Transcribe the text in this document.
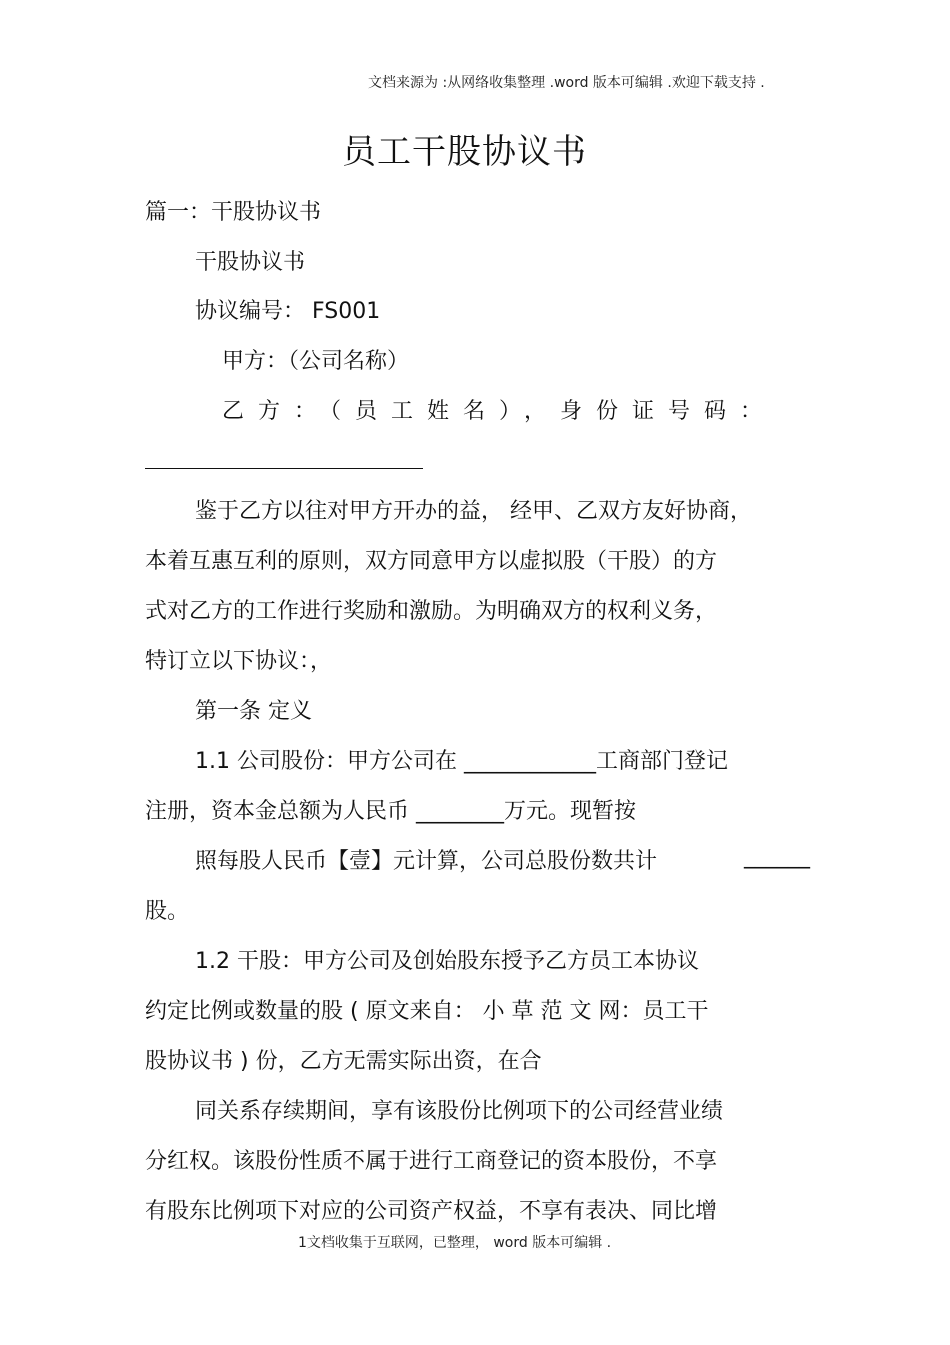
文档来源为 :从网络收集整理 .word 版本可编辑 .欢迎下载支持 .
员工干股协议书
篇一：干股协议书
干股协议书
协议编号： FS001
甲方：（公司名称）
乙方：（员工姓名），身份证号码：
鉴于乙方以往对甲方开办的益， 经甲、乙双方友好协商，
本着互惠互利的原则，双方同意甲方以虚拟股（干股）的方
式对乙方的工作进行奖励和激励。为明确双方的权利义务，
特订立以下协议：，
第一条 定义
1.1 公司股份：甲方公司在 ____________工商部门登记
注册，资本金总额为人民币 ________万元。现暂按
照每股人民币【壹】元计算，公司总股份数共计	______
股。
1.2 干股：甲方公司及创始股东授予乙方员工本协议
约定比例或数量的股 ( 原文来自： 小 草 范 文 网：员工干
股协议书 ) 份，乙方无需实际出资，在合
同关系存续期间，享有该股份比例项下的公司经营业绩
分红权。该股份性质不属于进行工商登记的资本股份，不享
有股东比例项下对应的公司资产权益，不享有表决、同比增
1文档收集于互联网，已整理， word 版本可编辑 .
